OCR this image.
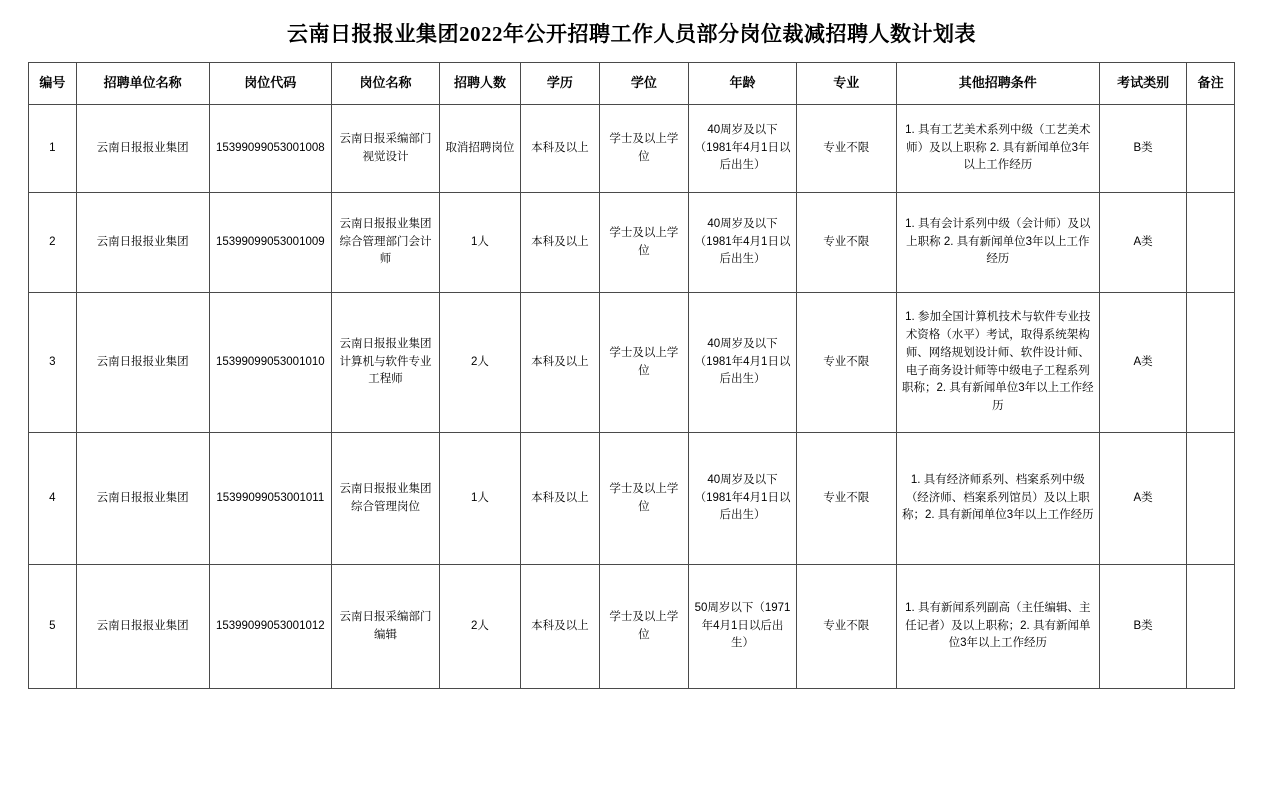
云南日报报业集团2022年公开招聘工作人员部分岗位裁减招聘人数计划表
编号	招聘单位名称	岗位代码	岗位名称	招聘人数	学历	学位	年龄	专业	其他招聘条件	考试类别	备注
1	云南日报报业集团	15399099053001008	云南日报采编部门视觉设计	取消招聘岗位	本科及以上	学士及以上学位	40周岁及以下（1981年4月1日以后出生）	专业不限	1. 具有工艺美术系列中级（工艺美术师）及以上职称 2. 具有新闻单位3年以上工作经历	B类	
2	云南日报报业集团	15399099053001009	云南日报报业集团综合管理部门会计师	1人	本科及以上	学士及以上学位	40周岁及以下（1981年4月1日以后出生）	专业不限	1. 具有会计系列中级（会计师）及以上职称 2. 具有新闻单位3年以上工作经历	A类	
3	云南日报报业集团	15399099053001010	云南日报报业集团计算机与软件专业工程师	2人	本科及以上	学士及以上学位	40周岁及以下（1981年4月1日以后出生）	专业不限	1. 参加全国计算机技术与软件专业技术资格（水平）考试，取得系统架构师、网络规划设计师、软件设计师、电子商务设计师等中级电子工程系列职称；2. 具有新闻单位3年以上工作经历	A类	
4	云南日报报业集团	15399099053001011	云南日报报业集团综合管理岗位	1人	本科及以上	学士及以上学位	40周岁及以下（1981年4月1日以后出生）	专业不限	1. 具有经济师系列、档案系列中级（经济师、档案系列馆员）及以上职称；2. 具有新闻单位3年以上工作经历	A类	
5	云南日报报业集团	15399099053001012	云南日报采编部门编辑	2人	本科及以上	学士及以上学位	50周岁以下（1971年4月1日以后出生）	专业不限	1. 具有新闻系列副高（主任编辑、主任记者）及以上职称；2. 具有新闻单位3年以上工作经历	B类	
